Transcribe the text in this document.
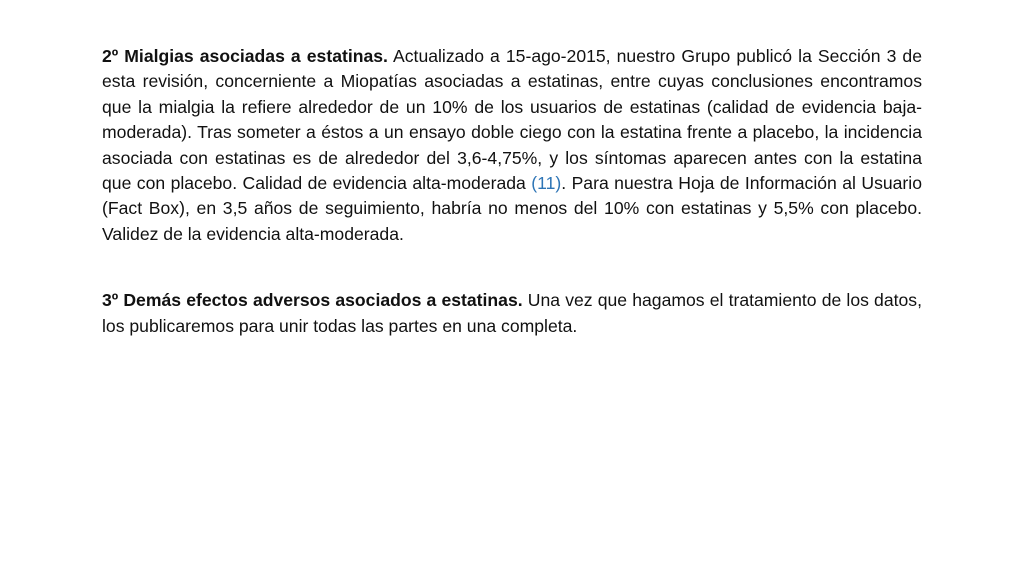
2º Mialgias asociadas a estatinas. Actualizado a 15-ago-2015, nuestro Grupo publicó la Sección 3 de esta revisión, concerniente a Miopatías asociadas a estatinas, entre cuyas conclusiones encontramos que la mialgia la refiere alrededor de un 10% de los usuarios de estatinas (calidad de evidencia baja-moderada). Tras someter a éstos a un ensayo doble ciego con la estatina frente a placebo, la incidencia asociada con estatinas es de alrededor del 3,6-4,75%, y los síntomas aparecen antes con la estatina que con placebo. Calidad de evidencia alta-moderada (11). Para nuestra Hoja de Información al Usuario (Fact Box), en 3,5 años de seguimiento, habría no menos del 10% con estatinas y 5,5% con placebo. Validez de la evidencia alta-moderada.

3º Demás efectos adversos asociados a estatinas. Una vez que hagamos el tratamiento de los datos, los publicaremos para unir todas las partes en una completa.
